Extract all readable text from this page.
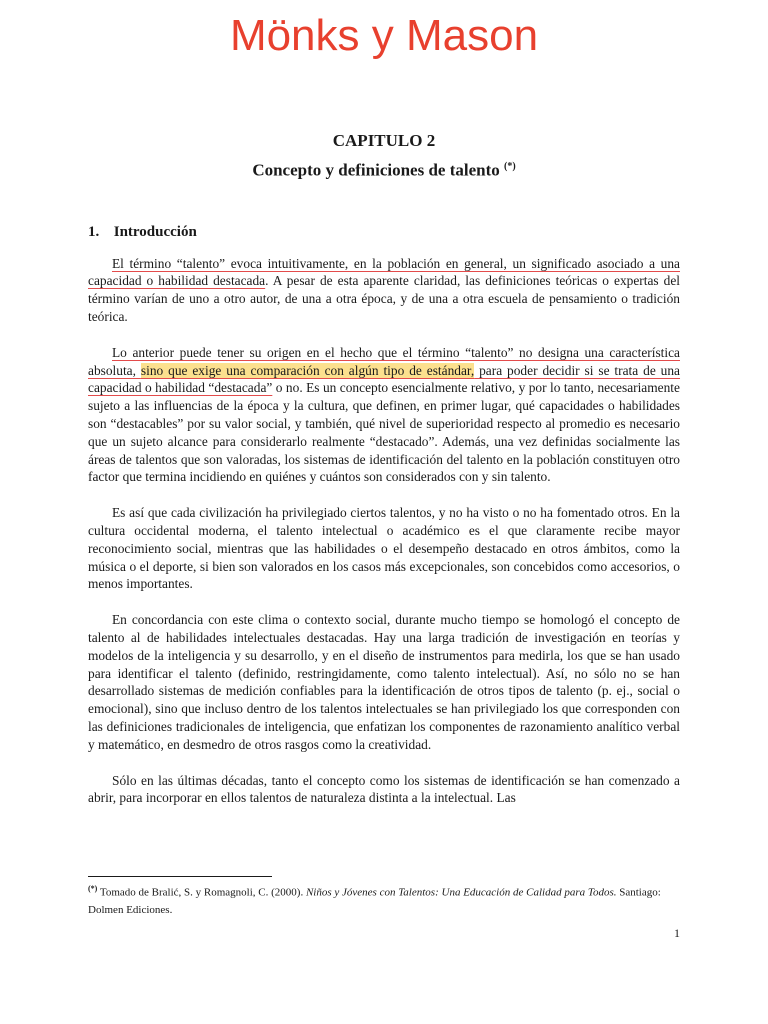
Mönks y Mason
CAPITULO 2
Concepto y definiciones de talento (*)
1. Introducción

El término “talento” evoca intuitivamente, en la población en general, un significado asociado a una capacidad o habilidad destacada. A pesar de esta aparente claridad, las definiciones teóricas o expertas del término varían de uno a otro autor, de una a otra época, y de una a otra escuela de pensamiento o tradición teórica.

Lo anterior puede tener su origen en el hecho que el término “talento” no designa una característica absoluta, sino que exige una comparación con algún tipo de estándar, para poder decidir si se trata de una capacidad o habilidad “destacada” o no. Es un concepto esencialmente relativo, y por lo tanto, necesariamente sujeto a las influencias de la época y la cultura, que definen, en primer lugar, qué capacidades o habilidades son “destacables” por su valor social, y también, qué nivel de superioridad respecto al promedio es necesario que un sujeto alcance para considerarlo realmente “destacado”. Además, una vez definidas socialmente las áreas de talentos que son valoradas, los sistemas de identificación del talento en la población constituyen otro factor que termina incidiendo en quiénes y cuántos son considerados con y sin talento.

Es así que cada civilización ha privilegiado ciertos talentos, y no ha visto o no ha fomentado otros. En la cultura occidental moderna, el talento intelectual o académico es el que claramente recibe mayor reconocimiento social, mientras que las habilidades o el desempeño destacado en otros ámbitos, como la música o el deporte, si bien son valorados en los casos más excepcionales, son concebidos como accesorios, o menos importantes.

En concordancia con este clima o contexto social, durante mucho tiempo se homologó el concepto de talento al de habilidades intelectuales destacadas. Hay una larga tradición de investigación en teorías y modelos de la inteligencia y su desarrollo, y en el diseño de instrumentos para medirla, los que se han usado para identificar el talento (definido, restringidamente, como talento intelectual). Así, no sólo no se han desarrollado sistemas de medición confiables para la identificación de otros tipos de talento (p. ej., social o emocional), sino que incluso dentro de los talentos intelectuales se han privilegiado los que corresponden con las definiciones tradicionales de inteligencia, que enfatizan los componentes de razonamiento analítico verbal y matemático, en desmedro de otros rasgos como la creatividad.

Sólo en las últimas décadas, tanto el concepto como los sistemas de identificación se han comenzado a abrir, para incorporar en ellos talentos de naturaleza distinta a la intelectual. Las

(*) Tomado de Bralić, S. y Romagnoli, C. (2000). Niños y Jóvenes con Talentos: Una Educación de Calidad para Todos. Santiago: Dolmen Ediciones.
1
